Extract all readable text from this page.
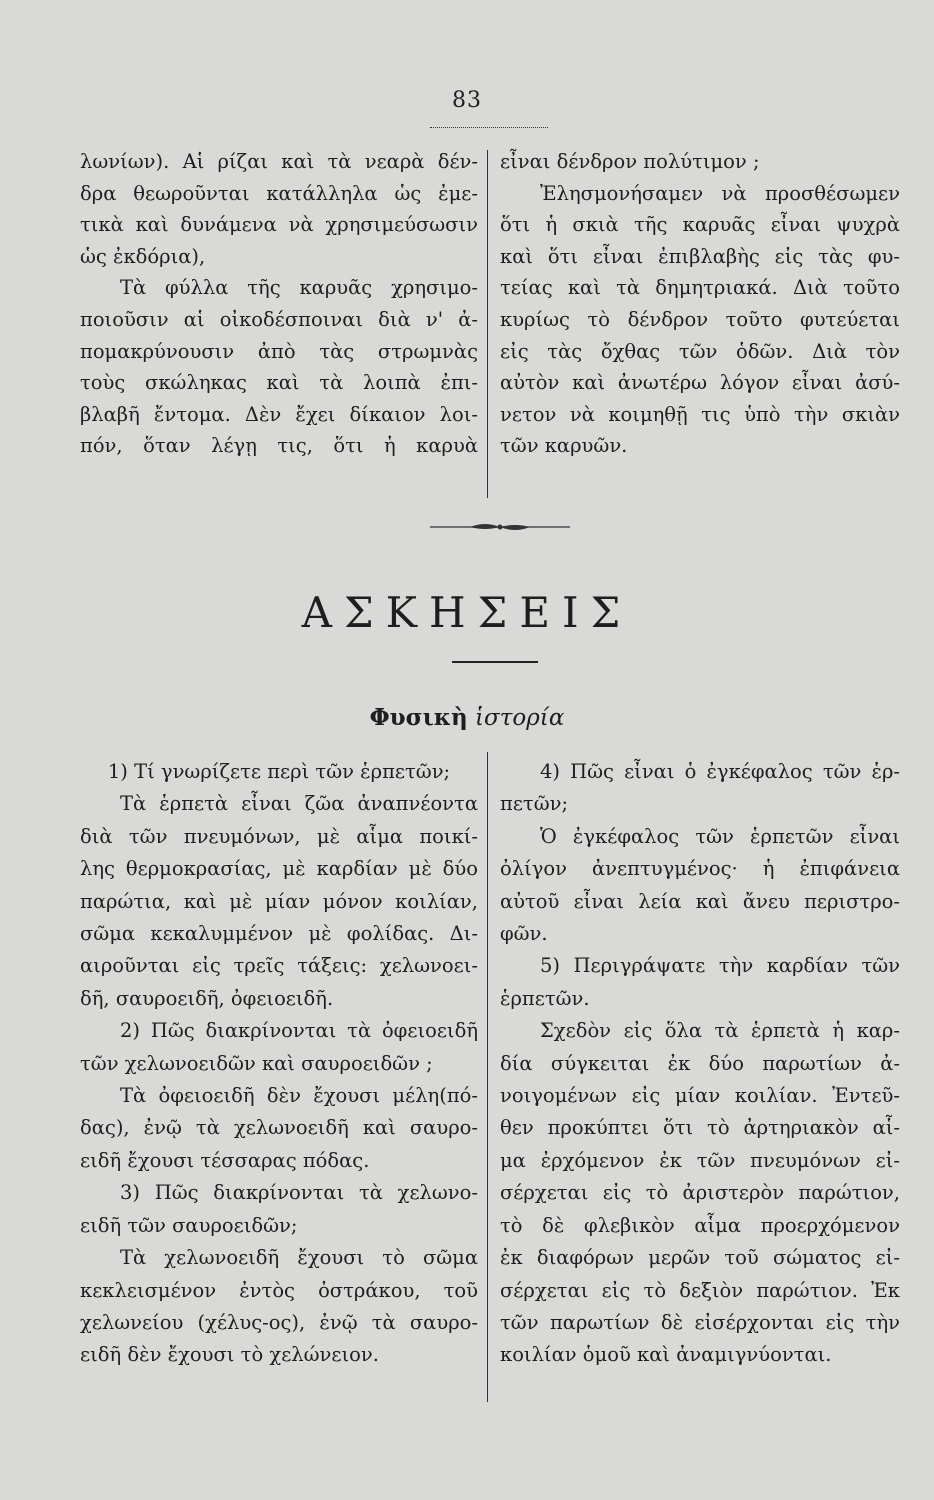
83

λωνίων). Αἱ ρίζαι καὶ τὰ νεαρὰ δέν-

δρα θεωροῦνται κατάλληλα ὡς ἐμε-

τικὰ καὶ δυνάμενα νὰ χρησιμεύσωσιν

ὡς ἐκδόρια),

Τὰ φύλλα τῆς καρυᾶς χρησιμο-

ποιοῦσιν αἱ οἰκοδέσποιναι διὰ ν' ἀ-

πομακρύνουσιν ἀπὸ τὰς στρωμνὰς

τοὺς σκώληκας καὶ τὰ λοιπὰ ἐπι-

βλαβῆ ἔντομα. Δὲν ἔχει δίκαιον λοι-

πόν, ὅταν λέγῃ τις, ὅτι ἡ καρυὰ

εἶναι δένδρον πολύτιμον ;

Ἐλησμονήσαμεν νὰ προσθέσωμεν

ὅτι ἡ σκιὰ τῆς καρυᾶς εἶναι ψυχρὰ

καὶ ὅτι εἶναι ἐπιβλαβὴς εἰς τὰς φυ-

τείας καὶ τὰ δημητριακά. Διὰ τοῦτο

κυρίως τὸ δένδρον τοῦτο φυτεύεται

εἰς τὰς ὄχθας τῶν ὁδῶν. Διὰ τὸν

αὐτὸν καὶ ἀνωτέρω λόγον εἶναι ἀσύ-

νετον νὰ κοιμηθῇ τις ὑπὸ τὴν σκιὰν

τῶν καρυῶν.

ΑΣΚΗΣΕΙΣ
Φυσικὴ ἱστορία

1) Τί γνωρίζετε περὶ τῶν ἑρπετῶν;

Τὰ ἑρπετὰ εἶναι ζῶα ἀναπνέοντα

διὰ τῶν πνευμόνων, μὲ αἷμα ποικί-

λης θερμοκρασίας, μὲ καρδίαν μὲ δύο

παρώτια, καὶ μὲ μίαν μόνον κοιλίαν,

σῶμα κεκαλυμμένον μὲ φολίδας. Δι-

αιροῦνται εἰς τρεῖς τάξεις: χελωνοει-

δῆ, σαυροειδῆ, ὀφειοειδῆ.

2) Πῶς διακρίνονται τὰ ὀφειοειδῆ

τῶν χελωνοειδῶν καὶ σαυροειδῶν ;

Τὰ ὀφειοειδῆ δὲν ἔχουσι μέλη(πό-

δας), ἐνῷ τὰ χελωνοειδῆ καὶ σαυρο-

ειδῆ ἔχουσι τέσσαρας πόδας.

3) Πῶς διακρίνονται τὰ χελωνο-

ειδῆ τῶν σαυροειδῶν;

Τὰ χελωνοειδῆ ἔχουσι τὸ σῶμα

κεκλεισμένον ἐντὸς ὀστράκου, τοῦ

χελωνείου (χέλυς-ος), ἐνῷ τὰ σαυρο-

ειδῆ δὲν ἔχουσι τὸ χελώνειον.

4) Πῶς εἶναι ὁ ἐγκέφαλος τῶν ἑρ-

πετῶν;

Ὁ ἐγκέφαλος τῶν ἑρπετῶν εἶναι

ὀλίγον ἀνεπτυγμένος· ἡ ἐπιφάνεια

αὐτοῦ εἶναι λεία καὶ ἄνευ περιστρο-

φῶν.

5) Περιγράψατε τὴν καρδίαν τῶν

ἑρπετῶν.

Σχεδὸν εἰς ὅλα τὰ ἑρπετὰ ἡ καρ-

δία σύγκειται ἐκ δύο παρωτίων ἀ-

νοιγομένων εἰς μίαν κοιλίαν. Ἐντεῦ-

θεν προκύπτει ὅτι τὸ ἀρτηριακὸν αἷ-

μα ἐρχόμενον ἐκ τῶν πνευμόνων εἰ-

σέρχεται εἰς τὸ ἀριστερὸν παρώτιον,

τὸ δὲ φλεβικὸν αἷμα προερχόμενον

ἐκ διαφόρων μερῶν τοῦ σώματος εἰ-

σέρχεται εἰς τὸ δεξιὸν παρώτιον. Ἐκ

τῶν παρωτίων δὲ εἰσέρχονται εἰς τὴν

κοιλίαν ὁμοῦ καὶ ἀναμιγνύονται.
